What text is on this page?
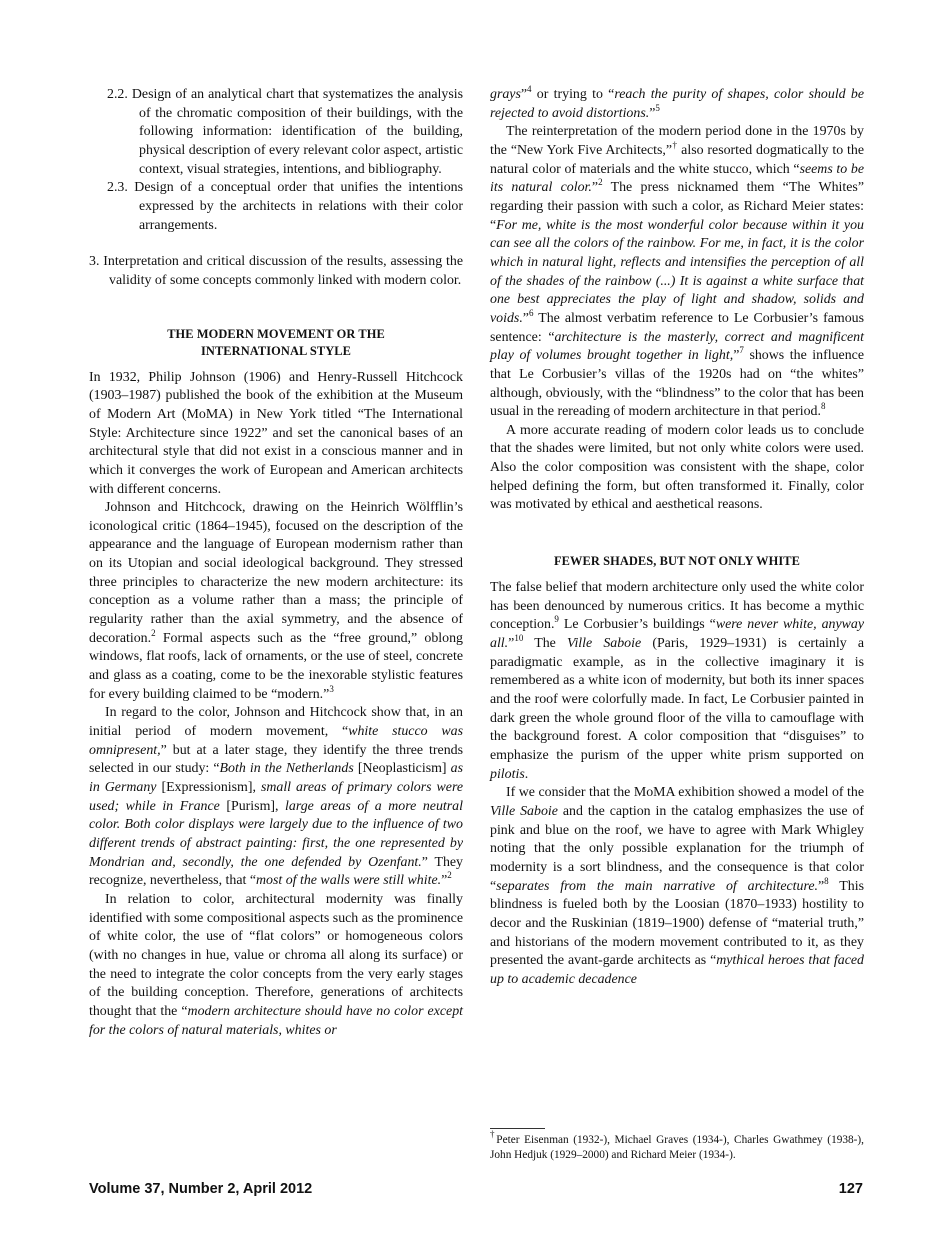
2.2. Design of an analytical chart that systematizes the analysis of the chromatic composition of their buildings, with the following information: identification of the building, physical description of every relevant color aspect, artistic context, visual strategies, intentions, and bibliography.

2.3. Design of a conceptual order that unifies the intentions expressed by the architects in relations with their color arrangements.

3. Interpretation and critical discussion of the results, assessing the validity of some concepts commonly linked with modern color.

THE MODERN MOVEMENT OR THE INTERNATIONAL STYLE

In 1932, Philip Johnson (1906) and Henry-Russell Hitchcock (1903–1987) published the book of the exhibition at the Museum of Modern Art (MoMA) in New York titled “The International Style: Architecture since 1922” and set the canonical bases of an architectural style that did not exist in a conscious manner and in which it converges the work of European and American architects with different concerns.

Johnson and Hitchcock, drawing on the Heinrich Wölfflin’s iconological critic (1864–1945), focused on the description of the appearance and the language of European modernism rather than on its Utopian and social ideological background. They stressed three principles to characterize the new modern architecture: its conception as a volume rather than a mass; the principle of regularity rather than the axial symmetry, and the absence of decoration.$^2$ Formal aspects such as the “free ground,” oblong windows, flat roofs, lack of ornaments, or the use of steel, concrete and glass as a coating, come to be the inexorable stylistic features for every building claimed to be “modern.”$^3$

In regard to the color, Johnson and Hitchcock show that, in an initial period of modern movement, “white stucco was omnipresent,” but at a later stage, they identify the three trends selected in our study: “Both in the Netherlands [Neoplasticism] as in Germany [Expressionism], small areas of primary colors were used; while in France [Purism], large areas of a more neutral color. Both color displays were largely due to the influence of two different trends of abstract painting: first, the one represented by Mondrian and, secondly, the one defended by Ozenfant.” They recognize, nevertheless, that “most of the walls were still white.”$^2$

In relation to color, architectural modernity was finally identified with some compositional aspects such as the prominence of white color, the use of “flat colors” or homogeneous colors (with no changes in hue, value or chroma all along its surface) or the need to integrate the color concepts from the very early stages of the building conception. Therefore, generations of architects thought that the “modern architecture should have no color except for the colors of natural materials, whites or

grays”$^4$ or trying to “reach the purity of shapes, color should be rejected to avoid distortions.”$^5$

The reinterpretation of the modern period done in the 1970s by the “New York Five Architects,”† also resorted dogmatically to the natural color of materials and the white stucco, which “seems to be its natural color.”$^2$ The press nicknamed them “The Whites” regarding their passion with such a color, as Richard Meier states: “For me, white is the most wonderful color because within it you can see all the colors of the rainbow. For me, in fact, it is the color which in natural light, reflects and intensifies the perception of all of the shades of the rainbow (...) It is against a white surface that one best appreciates the play of light and shadow, solids and voids.”$^6$ The almost verbatim reference to Le Corbusier’s famous sentence: “architecture is the masterly, correct and magnificent play of volumes brought together in light,”$^7$ shows the influence that Le Corbusier’s villas of the 1920s had on “the whites” although, obviously, with the “blindness” to the color that has been usual in the rereading of modern architecture in that period.$^8$

A more accurate reading of modern color leads us to conclude that the shades were limited, but not only white colors were used. Also the color composition was consistent with the shape, color helped defining the form, but often transformed it. Finally, color was motivated by ethical and aesthetical reasons.

FEWER SHADES, BUT NOT ONLY WHITE

The false belief that modern architecture only used the white color has been denounced by numerous critics. It has become a mythic conception.$^9$ Le Corbusier’s buildings “were never white, anyway all.”$^{10}$ The Ville Saboie (Paris, 1929–1931) is certainly a paradigmatic example, as in the collective imaginary it is remembered as a white icon of modernity, but both its inner spaces and the roof were colorfully made. In fact, Le Corbusier painted in dark green the whole ground floor of the villa to camouflage with the background forest. A color composition that “disguises” to emphasize the purism of the upper white prism supported on pilotis.

If we consider that the MoMA exhibition showed a model of the Ville Saboie and the caption in the catalog emphasizes the use of pink and blue on the roof, we have to agree with Mark Whigley noting that the only possible explanation for the triumph of modernity is a sort blindness, and the consequence is that color “separates from the main narrative of architecture.”$^8$ This blindness is fueled both by the Loosian (1870–1933) hostility to decor and the Ruskinian (1819–1900) defense of “material truth,” and historians of the modern movement contributed to it, as they presented the avant-garde architects as “mythical heroes that faced up to academic decadence

†Peter Eisenman (1932-), Michael Graves (1934-), Charles Gwathmey (1938-), John Hedjuk (1929–2000) and Richard Meier (1934-).
Volume 37, Number 2, April 2012	127
